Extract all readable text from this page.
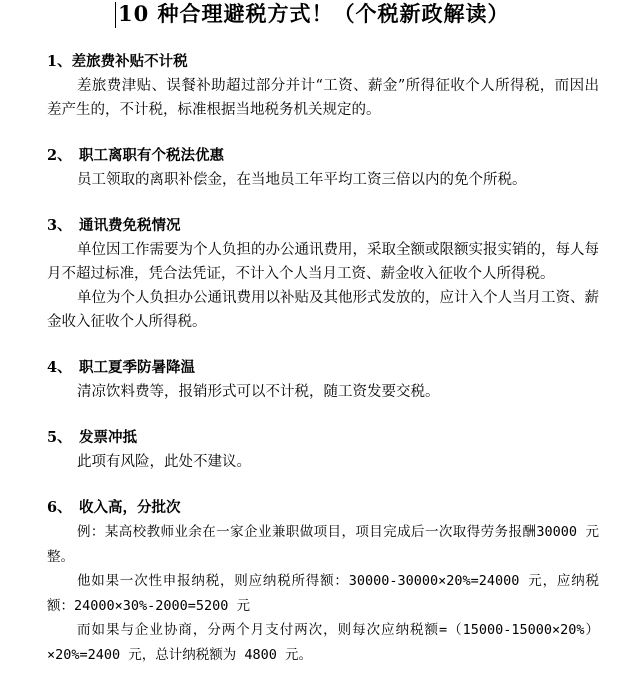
10 种合理避税方式！（个税新政解读）
1、差旅费补贴不计税

差旅费津贴、误餐补助超过部分并计“工资、薪金”所得征收个人所得税，而因出差产生的，不计税，标准根据当地税务机关规定的。

2、 职工离职有个税法优惠

员工领取的离职补偿金，在当地员工年平均工资三倍以内的免个所税。

3、 通讯费免税情况

单位因工作需要为个人负担的办公通讯费用，采取全额或限额实报实销的，每人每月不超过标准，凭合法凭证，不计入个人当月工资、薪金收入征收个人所得税。

单位为个人负担办公通讯费用以补贴及其他形式发放的，应计入个人当月工资、薪金收入征收个人所得税。

4、 职工夏季防暑降温

清凉饮料费等，报销形式可以不计税，随工资发要交税。

5、 发票冲抵

此项有风险，此处不建议。

6、 收入高，分批次

例：某高校教师业余在一家企业兼职做项目，项目完成后一次取得劳务报酬30000 元整。

他如果一次性申报纳税，则应纳税所得额：30000-30000×20%=24000 元，应纳税额：24000×30%-2000=5200 元

而如果与企业协商，分两个月支付两次，则每次应纳税额=（15000-15000×20%）×20%=2400 元，总计纳税额为 4800 元。
